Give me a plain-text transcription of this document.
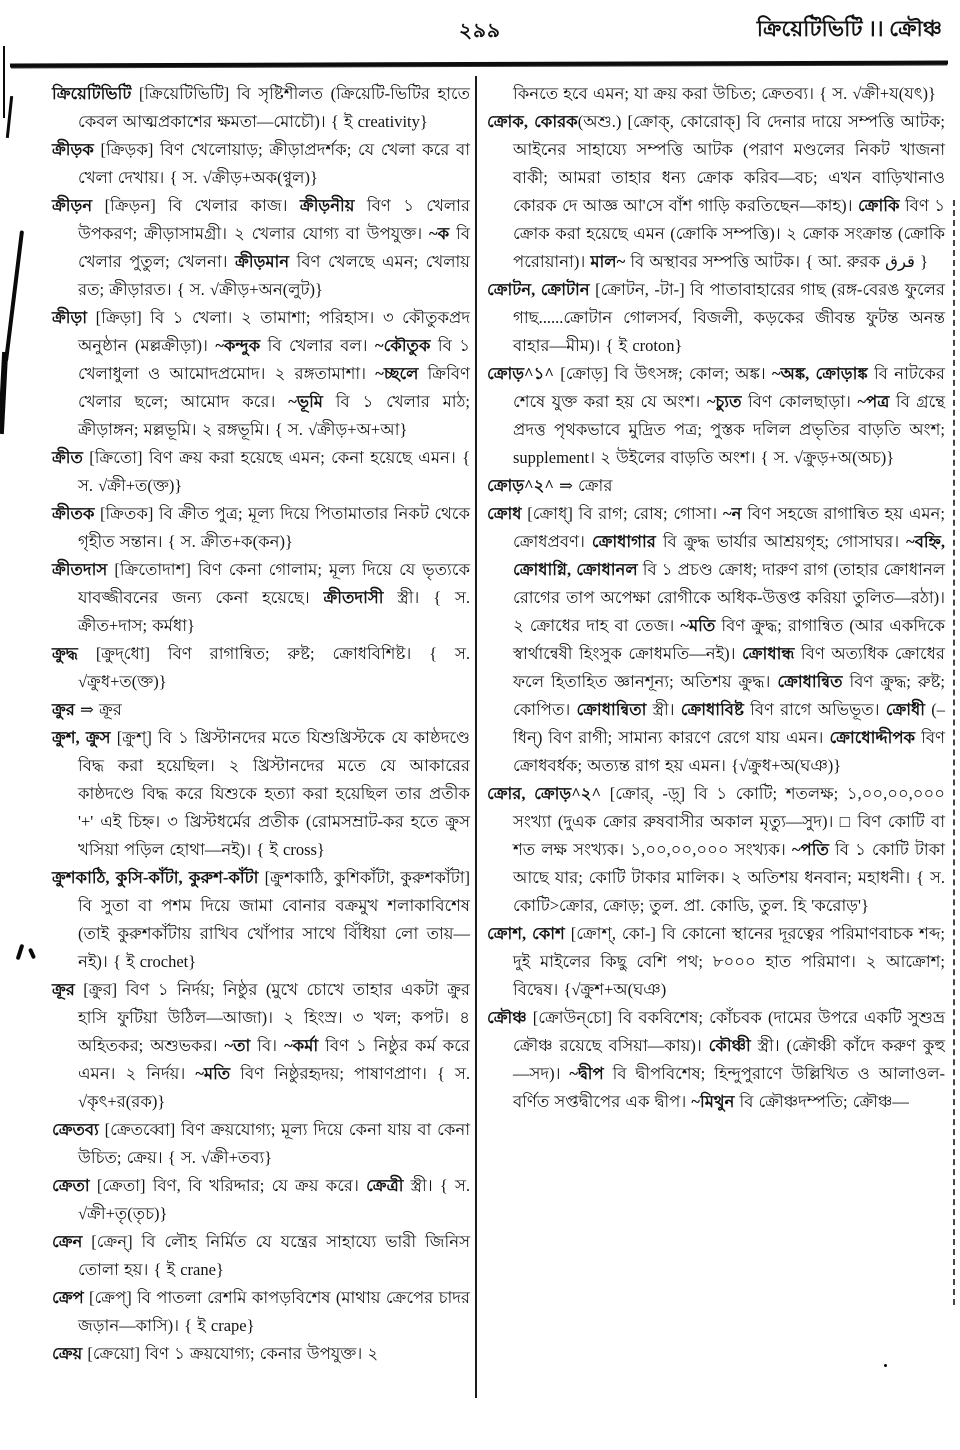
২৯৯	ক্রিয়েটিভিটি ।। ক্রৌঞ্চ

ক্রিয়েটিভিটি [ক্রিয়েটিভিটি] বি সৃষ্টিশীলত (ক্রিয়েটি-ভিটির হাতে কেবল আত্মপ্রকাশের ক্ষমতা—মোচৌ)। { ই creativity}

ক্রীড়ক [ক্রিড়ক] বিণ খেলোয়াড়; ক্রীড়াপ্রদর্শক; যে খেলা করে বা খেলা দেখায়। { স. √ক্রীড়+অক(ণ্বুল)}

ক্রীড়ন [ক্রিড়ন] বি খেলার কাজ। ক্রীড়নীয় বিণ ১ খেলার উপকরণ; ক্রীড়াসামগ্রী। ২ খেলার যোগ্য বা উপযুক্ত। ~ক বি খেলার পুতুল; খেলনা। ক্রীড়মান বিণ খেলছে এমন; খেলায় রত; ক্রীড়ারত। { স. √ক্রীড়+অন(লুট)}

ক্রীড়া [ক্রিড়া] বি ১ খেলা। ২ তামাশা; পরিহাস। ৩ কৌতুকপ্রদ অনুষ্ঠান (মল্লক্রীড়া)। ~কন্দুক বি খেলার বল। ~কৌতুক বি ১ খেলাধুলা ও আমোদপ্রমোদ। ২ রঙ্গতামাশা। ~চ্ছলে ক্রিবিণ খেলার ছলে; আমোদ করে। ~ভূমি বি ১ খেলার মাঠ; ক্রীড়াঙ্গন; মল্লভূমি। ২ রঙ্গভূমি। { স. √ক্রীড়+অ+আ}

ক্রীত [ক্রিতো] বিণ ক্রয় করা হয়েছে এমন; কেনা হয়েছে এমন। { স. √ক্রী+ত(ক্ত)}

ক্রীতক [ক্রিতক] বি ক্রীত পুত্র; মূল্য দিয়ে পিতামাতার নিকট থেকে গৃহীত সন্তান। { স. ক্রীত+ক(কন)}

ক্রীতদাস [ক্রিতোদাশ] বিণ কেনা গোলাম; মূল্য দিয়ে যে ভৃত্যকে যাবজ্জীবনের জন্য কেনা হয়েছে। ক্রীতদাসী স্ত্রী। { স. ক্রীত+দাস; কর্মধা}

ক্রুদ্ধ [ক্রুদ্‌ধো] বিণ রাগান্বিত; রুষ্ট; ক্রোধবিশিষ্ট। { স. √ক্রুধ+ত(ক্ত)}

ক্রুর ⇒ ক্রূর

ক্রুশ, ক্রুস [ক্রুশ্] বি ১ খ্রিস্টানদের মতে যিশুখ্রিস্টকে যে কাষ্ঠদণ্ডে বিদ্ধ করা হয়েছিল। ২ খ্রিস্টানদের মতে যে আকারের কাষ্ঠদণ্ডে বিদ্ধ করে যিশুকে হত্যা করা হয়েছিল তার প্রতীক '+' এই চিহ্ন। ৩ খ্রিস্টধর্মের প্রতীক (রোমসম্রাট-কর হতে ক্রুস খসিয়া পড়িল হোথা—নই)। { ই cross}

ক্রুশকাঠি, কুসি-কাঁটা, কুরুশ-কাঁটা [ক্রুশকাঠি, কুশিকাঁটা, কুরুশকাঁটা] বি সুতা বা পশম দিয়ে জামা বোনার বক্রমুখ শলাকাবিশেষ (তাই কুরুশকাঁটায় রাখিব খোঁপার সাথে বিঁধিয়া লো তায়—নই)। { ই crochet}

ক্রূর [ক্রুর] বিণ ১ নির্দয়; নিষ্ঠুর (মুখে চোখে তাহার একটা ক্রুর হাসি ফুটিয়া উঠিল—আজা)। ২ হিংস্র। ৩ খল; কপট। ৪ অহিতকর; অশুভকর। ~তা বি। ~কর্মা বিণ ১ নিষ্ঠুর কর্ম করে এমন। ২ নির্দয়। ~মতি বিণ নিষ্ঠুরহৃদয়; পাষাণপ্রাণ। { স. √কৃৎ+র(রক)}

ক্রেতব্য [ক্রেতব্বো] বিণ ক্রয়যোগ্য; মূল্য দিয়ে কেনা যায় বা কেনা উচিত; ক্রেয়। { স. √ক্রী+তব্য}

ক্রেতা [ক্রেতা] বিণ, বি খরিদ্দার; যে ক্রয় করে। ক্রেত্রী স্ত্রী। { স. √ক্রী+তৃ(তৃচ)}

ক্রেন [ক্রেন্] বি লৌহ নির্মিত যে যন্ত্রের সাহায্যে ভারী জিনিস তোলা হয়। { ই crane}

ক্রেপ [ক্রেপ্] বি পাতলা রেশমি কাপড়বিশেষ (মাথায় ক্রেপের চাদর জড়ান—কাসি)। { ই crape}

ক্রেয় [ক্রেয়ো] বিণ ১ ক্রয়যোগ্য; কেনার উপযুক্ত। ২

কিনতে হবে এমন; যা ক্রয় করা উচিত; ক্রেতব্য। { স. √ক্রী+য(যৎ)}

ক্রোক, কোরক(অশু.) [ক্রোক্, কোরোক্] বি দেনার দায়ে সম্পত্তি আটক; আইনের সাহায্যে সম্পত্তি আটক (পরাণ মণ্ডলের নিকট খাজনা বাকী; আমরা তাহার ধন্য ক্রোক করিব—বচ; এখন বাড়িখানাও কোরক দে আজ্ঞ আ'সে বাঁশ গাড়ি করতিছেন—কাহ)। ক্রোকি বিণ ১ ক্রোক করা হয়েছে এমন (ক্রোকি সম্পত্তি)। ২ ক্রোক সংক্রান্ত (ক্রোকি পরোয়ানা)। মাল~ বি অস্থাবর সম্পত্তি আটক। { আ. রুরক قرق }

ক্রোটন, ক্রোটান [ক্রোটন, -টা-] বি পাতাবাহারের গাছ (রঙ্গ-বেরঙ ফুলের গাছ......ক্রোটান গোলসর্ব, বিজলী, কড়কের জীবন্ত ফুটন্ত অনন্ত বাহার—মীম)। { ই croton}

ক্রোড়^১^ [ক্রোড়] বি উৎসঙ্গ; কোল; অঙ্ক। ~অঙ্ক, ক্রোড়াঙ্ক বি নাটকের শেষে যুক্ত করা হয় যে অংশ। ~চ্যুত বিণ কোলছাড়া। ~পত্র বি গ্রন্থে প্রদত্ত পৃথকভাবে মুদ্রিত পত্র; পুস্তক দলিল প্রভৃতির বাড়তি অংশ; supplement। ২ উইলের বাড়তি অংশ। { স. √ক্রুড়+অ(অচ)}

ক্রোড়^২^ ⇒ ক্রোর

ক্রোধ [ক্রোধ্] বি রাগ; রোষ; গোসা। ~ন বিণ সহজে রাগান্বিত হয় এমন; ক্রোধপ্রবণ। ক্রোধাগার বি ক্রুদ্ধ ভার্যার আশ্রয়গৃহ; গোসাঘর। ~বহ্নি, ক্রোধাগ্নি, ক্রোধানল বি ১ প্রচণ্ড ক্রোধ; দারুণ রাগ (তাহার ক্রোধানল রোগের তাপ অপেক্ষা রোগীকে অধিক-উত্তপ্ত করিয়া তুলিত—রঠা)। ২ ক্রোধের দাহ বা তেজ। ~মতি বিণ ক্রুদ্ধ; রাগান্বিত (আর একদিকে স্বার্থান্বেষী হিংসুক ক্রোধমতি—নই)। ক্রোধান্ধ বিণ অত্যধিক ক্রোধের ফলে হিতাহিত জ্ঞানশূন্য; অতিশয় ক্রুদ্ধ। ক্রোধান্বিত বিণ ক্রুদ্ধ; রুষ্ট; কোপিত। ক্রোধান্বিতা স্ত্রী। ক্রোধাবিষ্ট বিণ রাগে অভিভূত। ক্রোধী (–ধিন্) বিণ রাগী; সামান্য কারণে রেগে যায় এমন। ক্রোধোদ্দীপক বিণ ক্রোধবর্ধক; অত্যন্ত রাগ হয় এমন। {√ক্রুধ+অ(ঘঞ)}

ক্রোর, ক্রোড়^২^ [ক্রোর্, -ড়্] বি ১ কোটি; শতলক্ষ; ১,০০,০০,০০০ সংখ্যা (দুএক ক্রোর রুষবাসীর অকাল মৃত্যু—সুদ)। □ বিণ কোটি বা শত লক্ষ সংখ্যক। ১,০০,০০,০০০ সংখ্যক। ~পতি বি ১ কোটি টাকা আছে যার; কোটি টাকার মালিক। ২ অতিশয় ধনবান; মহাধনী। { স. কোটি>ক্রোর, ক্রোড়; তুল. প্রা. কোডি, তুল. হি 'করোড়'}

ক্রোশ, কোশ [ক্রোশ্, কো-] বি কোনো স্থানের দূরত্বের পরিমাণবাচক শব্দ; দুই মাইলের কিছু বেশি পথ; ৮০০০ হাত পরিমাণ। ২ আক্রোশ; বিদ্বেষ। {√ক্রুশ+অ(ঘঞ)

ক্রৌঞ্চ [ক্রোউন্‌চো] বি বকবিশেষ; কোঁচবক (দামের উপরে একটি সুশুভ্র ক্রৌঞ্চ রয়েছে বসিয়া—কায়)। কৌঞ্চী স্ত্রী। (ক্রৌঞ্চী কাঁদে করুণ কুহু—সদ)। ~দ্বীপ বি দ্বীপবিশেষ; হিন্দুপুরাণে উল্লিখিত ও আলাওল-বর্ণিত সপ্তদ্বীপের এক দ্বীপ। ~মিথুন বি ক্রৌঞ্চদম্পতি; ক্রৌঞ্চ—
